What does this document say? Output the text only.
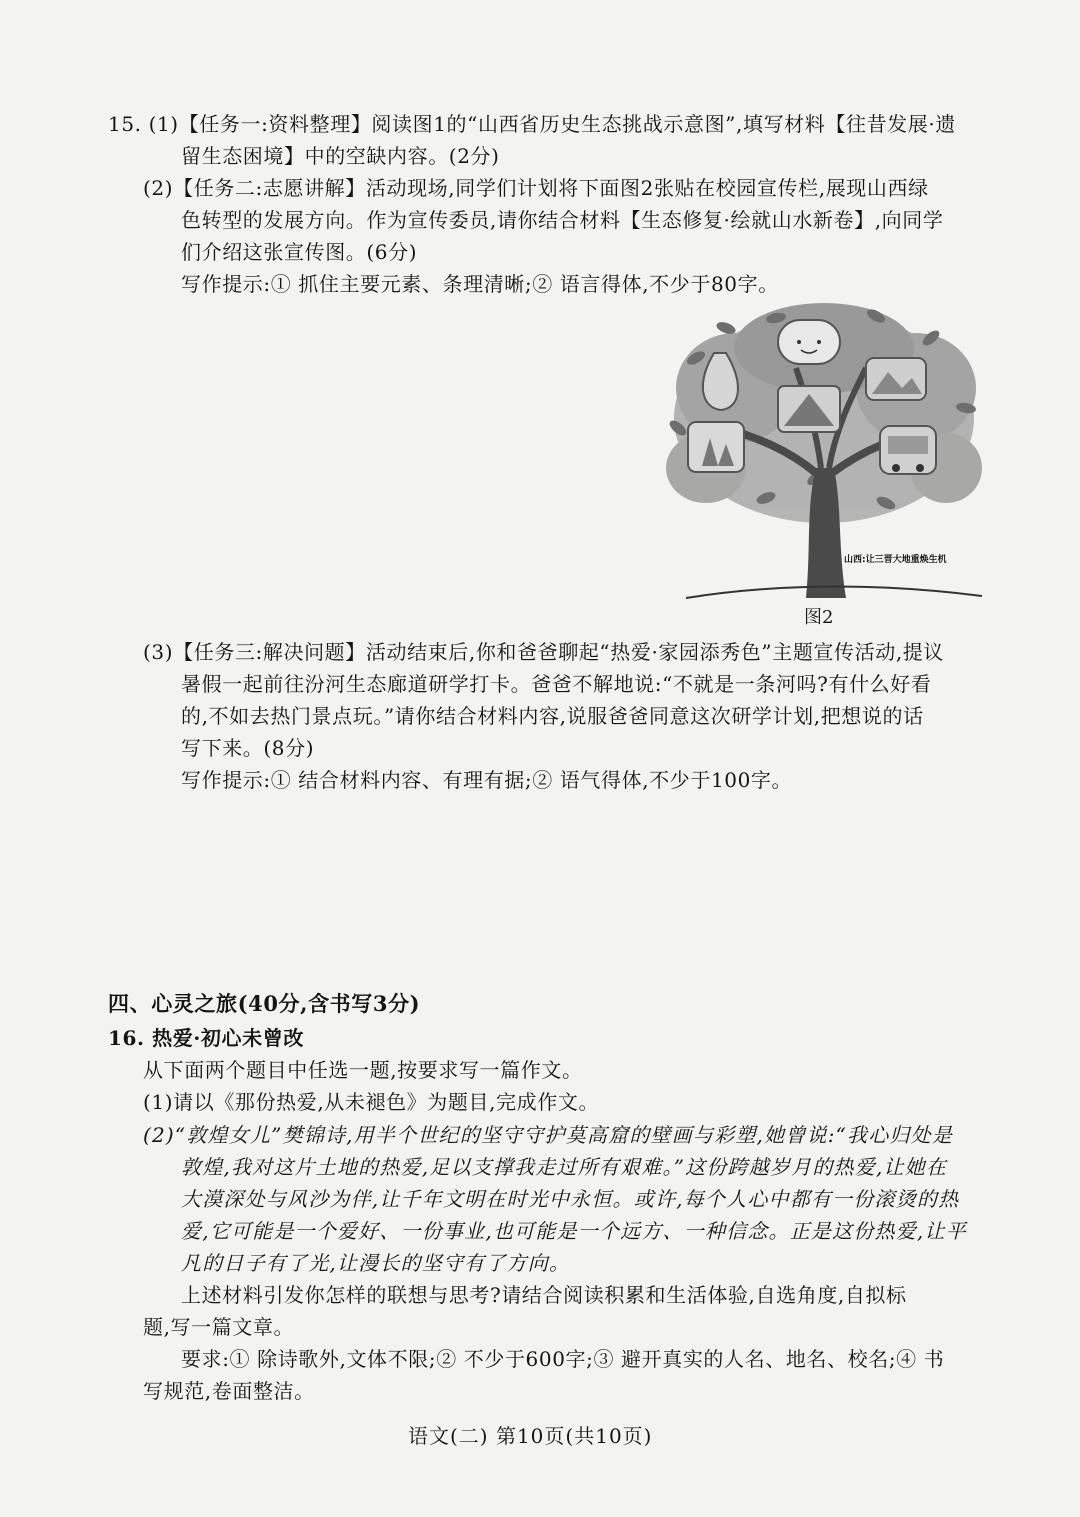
15. (1)【任务一:资料整理】阅读图1的“山西省历史生态挑战示意图”,填写材料【往昔发展·遗
留生态困境】中的空缺内容。(2分)
(2)【任务二:志愿讲解】活动现场,同学们计划将下面图2张贴在校园宣传栏,展现山西绿
色转型的发展方向。作为宣传委员,请你结合材料【生态修复·绘就山水新卷】,向同学
们介绍这张宣传图。(6分)
写作提示:① 抓住主要元素、条理清晰;② 语言得体,不少于80字。
山西:让三晋大地重焕生机
图2
(3)【任务三:解决问题】活动结束后,你和爸爸聊起“热爱·家园添秀色”主题宣传活动,提议
暑假一起前往汾河生态廊道研学打卡。爸爸不解地说:“不就是一条河吗?有什么好看
的,不如去热门景点玩。”请你结合材料内容,说服爸爸同意这次研学计划,把想说的话
写下来。(8分)
写作提示:① 结合材料内容、有理有据;② 语气得体,不少于100字。
四、心灵之旅(40分,含书写3分)
16. 热爱·初心未曾改
从下面两个题目中任选一题,按要求写一篇作文。
(1)请以《那份热爱,从未褪色》为题目,完成作文。
(2)“敦煌女儿”樊锦诗,用半个世纪的坚守守护莫高窟的壁画与彩塑,她曾说:“我心归处是
敦煌,我对这片土地的热爱,足以支撑我走过所有艰难。”这份跨越岁月的热爱,让她在
大漠深处与风沙为伴,让千年文明在时光中永恒。或许,每个人心中都有一份滚烫的热
爱,它可能是一个爱好、一份事业,也可能是一个远方、一种信念。正是这份热爱,让平
凡的日子有了光,让漫长的坚守有了方向。
上述材料引发你怎样的联想与思考?请结合阅读积累和生活体验,自选角度,自拟标
题,写一篇文章。
要求:① 除诗歌外,文体不限;② 不少于600字;③ 避开真实的人名、地名、校名;④ 书
写规范,卷面整洁。
语文(二) 第10页(共10页)
